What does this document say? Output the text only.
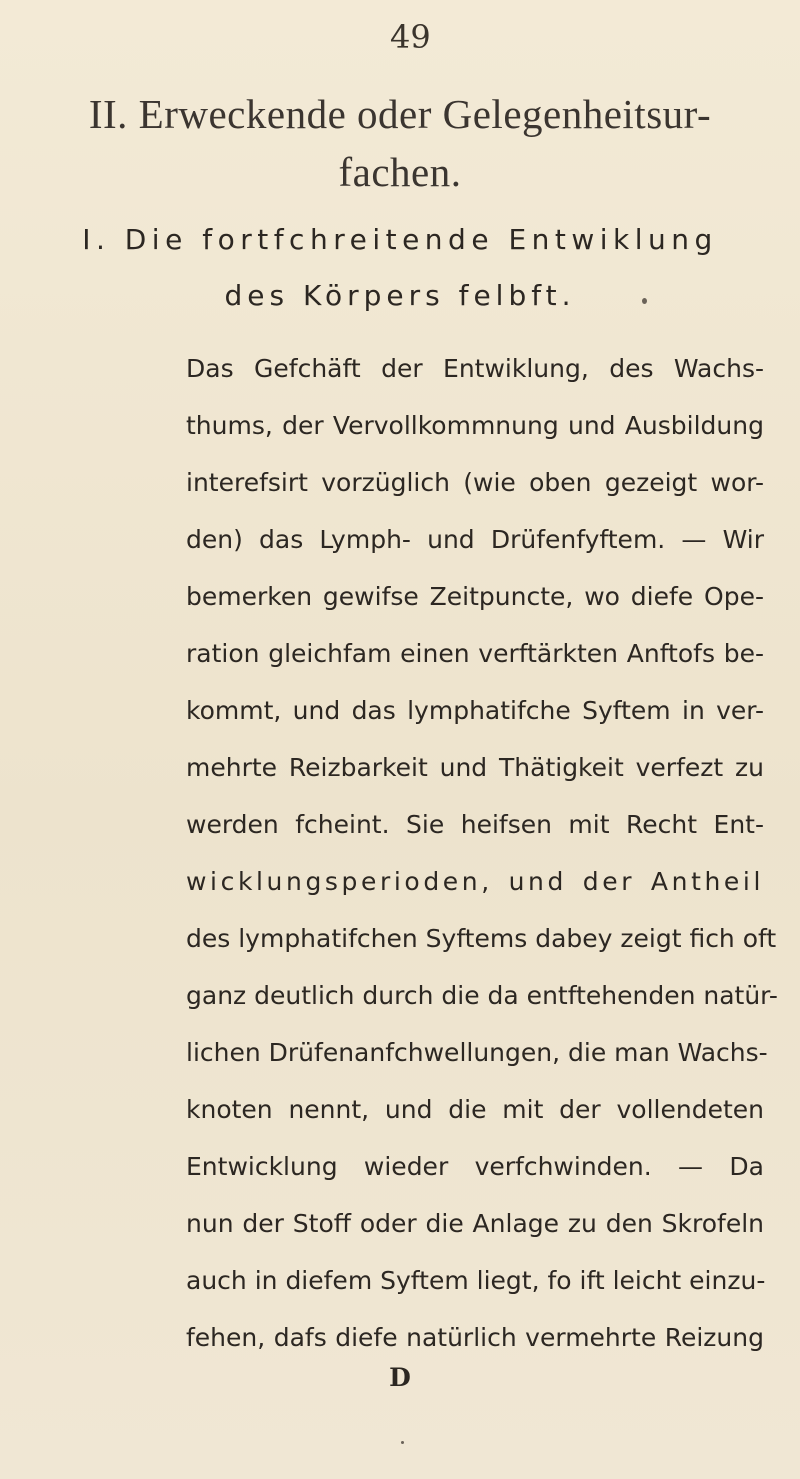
49
II. Erweckende oder Gelegenheitsur-
fachen.
I. Die fortfchreitende Entwiklung
des Körpers felbft.
Das Gefchäft der Entwiklung, des Wachs-
thums, der Vervollkommnung und Ausbildung
interefsirt vorzüglich (wie oben gezeigt wor-
den) das Lymph- und Drüfenfyftem. — Wir
bemerken gewifse Zeitpuncte, wo diefe Ope-
ration gleichfam einen verftärkten Anftofs be-
kommt, und das lymphatifche Syftem in ver-
mehrte Reizbarkeit und Thätigkeit verfezt zu
werden fcheint. Sie heifsen mit Recht Ent-
wicklungsperioden, und der Antheil
des lymphatifchen Syftems dabey zeigt fich oft
ganz deutlich durch die da entftehenden natür-
lichen Drüfenanfchwellungen, die man Wachs-
knoten nennt, und die mit der vollendeten
Entwicklung wieder verfchwinden. — Da
nun der Stoff oder die Anlage zu den Skrofeln
auch in diefem Syftem liegt, fo ift leicht einzu-
fehen, dafs diefe natürlich vermehrte Reizung
D
